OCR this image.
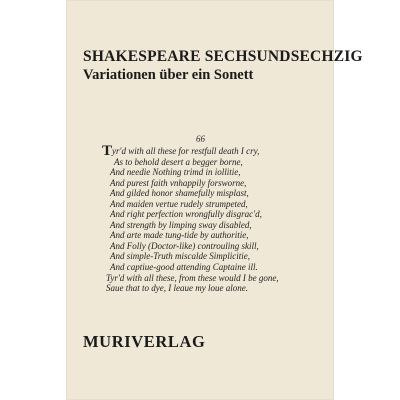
SHAKESPEARE SECHSUNDSECHZIG
Variationen über ein Sonett
66
Tyr'd with all these for restfull death I cry,
As to behold desert a begger borne,
And needie Nothing trimd in iollitie,
And purest faith vnhappily forsworne,
And gilded honor shamefully misplast,
And maiden vertue rudely strumpeted,
And right perfection wrongfully disgrac'd,
And strength by limping sway disabled,
And arte made tung-tide by authoritie,
And Folly (Doctor-like) controuling skill,
And simple-Truth miscalde Simplicitie,
And captiue-good attending Captaine ill.
Tyr'd with all these, from these would I be gone,
Saue that to dye, I leaue my loue alone.
MURIVERLAG
